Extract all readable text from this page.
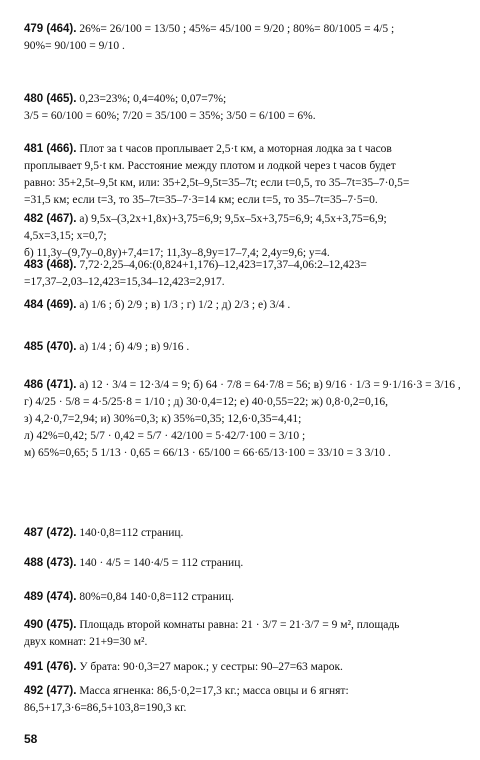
479 (464). 26%= 26/100 = 13/50 ; 45%= 45/100 = 9/20 ; 80%= 80/1005 = 4/5 ;
90%= 90/100 = 9/10 .
480 (465). 0,23=23%; 0,4=40%; 0,07=7%;
3/5 = 60/100 = 60%; 7/20 = 35/100 = 35%; 3/50 = 6/100 = 6%.
481 (466). Плот за t часов проплывает 2,5·t км, а моторная лодка за t часов
проплывает 9,5·t км. Расстояние между плотом и лодкой через t часов будет
равно: 35+2,5t–9,5t км, или: 35+2,5t–9,5t=35–7t; если t=0,5, то 35–7t=35–7·0,5=
=31,5 км; если t=3, то 35–7t=35–7·3=14 км; если t=5, то 35–7t=35–7·5=0.
482 (467). а) 9,5x–(3,2x+1,8x)+3,75=6,9; 9,5x–5x+3,75=6,9; 4,5x+3,75=6,9;
4,5x=3,15; x=0,7;
б) 11,3y–(9,7y–0,8y)+7,4=17; 11,3y–8,9y=17–7,4; 2,4y=9,6; y=4.
483 (468). 7,72·2,25–4,06:(0,824+1,176)–12,423=17,37–4,06:2–12,423=
=17,37–2,03–12,423=15,34–12,423=2,917.
484 (469). а) 1/6 ; б) 2/9 ; в) 1/3 ; г) 1/2 ; д) 2/3 ; е) 3/4 .
485 (470). а) 1/4 ; б) 4/9 ; в) 9/16 .
486 (471). а) 12 · 3/4 = 12·3/4 = 9; б) 64 · 7/8 = 64·7/8 = 56; в) 9/16 · 1/3 = 9·1/16·3 = 3/16 ,
г) 4/25 · 5/8 = 4·5/25·8 = 1/10 ; д) 30·0,4=12; е) 40·0,55=22; ж) 0,8·0,2=0,16,
з) 4,2·0,7=2,94; и) 30%=0,3; к) 35%=0,35; 12,6·0,35=4,41;
л) 42%=0,42; 5/7 · 0,42 = 5/7 · 42/100 = 5·42/7·100 = 3/10 ;
м) 65%=0,65; 5 1/13 · 0,65 = 66/13 · 65/100 = 66·65/13·100 = 33/10 = 3 3/10 .
487 (472). 140·0,8=112 страниц.
488 (473). 140 · 4/5 = 140·4/5 = 112 страниц.
489 (474). 80%=0,84 140·0,8=112 страниц.
490 (475). Площадь второй комнаты равна: 21 · 3/7 = 21·3/7 = 9 м², площадь
двух комнат: 21+9=30 м².
491 (476). У брата: 90·0,3=27 марок.; у сестры: 90–27=63 марок.
492 (477). Масса ягненка: 86,5·0,2=17,3 кг.; масса овцы и 6 ягнят:
86,5+17,3·6=86,5+103,8=190,3 кг.
58
